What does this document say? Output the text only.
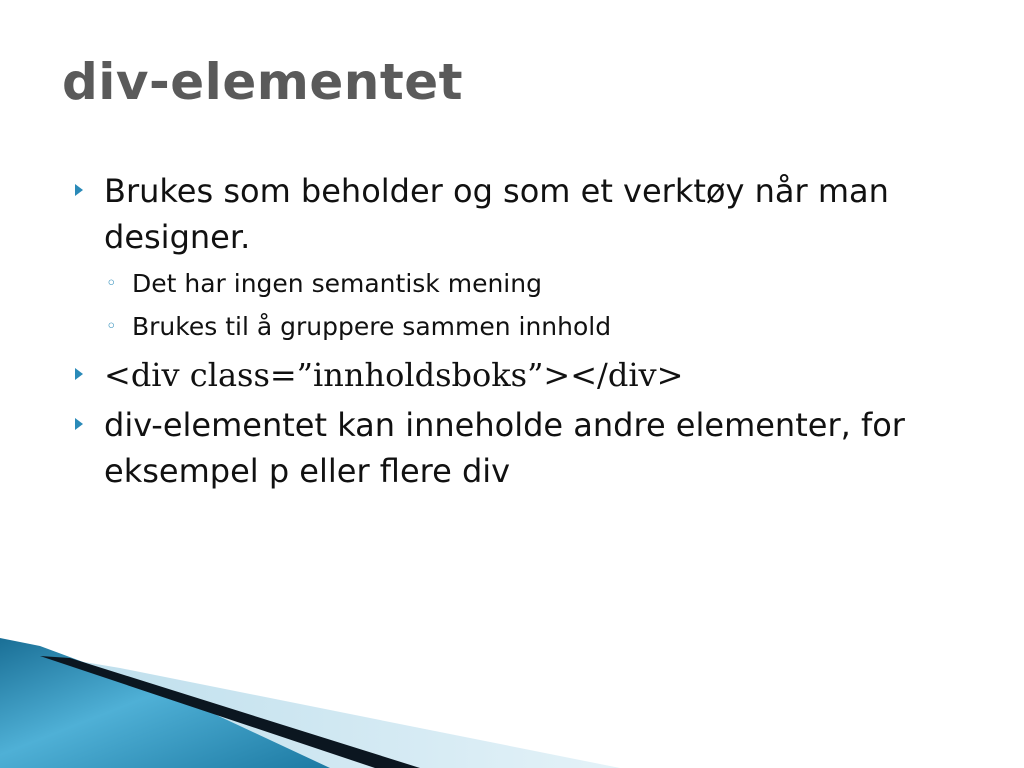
div-elementet
Brukes som beholder og som et verktøy når man designer.
◦ Det har ingen semantisk mening
◦ Brukes til å gruppere sammen innhold
<div class=”innholdsboks”></div>
div-elementet kan inneholde andre elementer, for eksempel p eller flere div
